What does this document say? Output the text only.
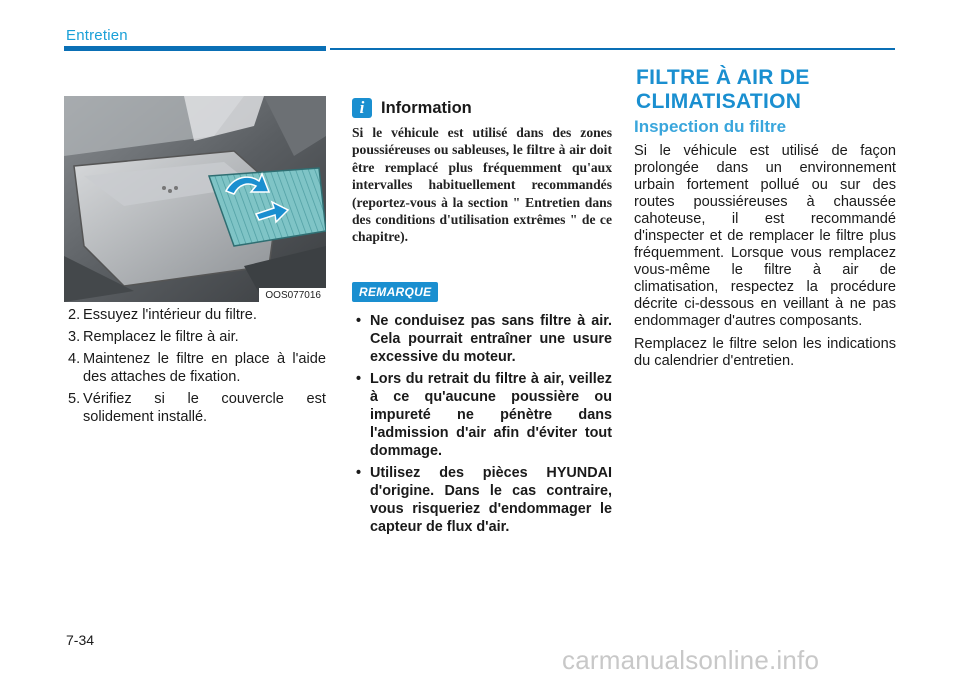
Entretien
OOS077016
2. Essuyez l'intérieur du filtre.
3. Remplacez le filtre à air.
4. Maintenez le filtre en place à l'aide des attaches de fixation.
5. Vérifiez si le couvercle est solidement installé.
i	Information

Si le véhicule est utilisé dans des zones poussiéreuses ou sableuses, le filtre à air doit être remplacé plus fréquemment qu'aux intervalles habituellement recommandés (reportez-vous à la section " Entretien dans des conditions d'utilisation extrêmes " de ce chapitre).

REMARQUE
• Ne conduisez pas sans filtre à air. Cela pourrait entraîner une usure excessive du moteur.
• Lors du retrait du filtre à air, veillez à ce qu'aucune poussière ou impureté ne pénètre dans l'admission d'air afin d'éviter tout dommage.
• Utilisez des pièces HYUNDAI d'origine. Dans le cas contraire, vous risqueriez d'endommager le capteur de flux d'air.
FILTRE À AIR DE
CLIMATISATION
Inspection du filtre

Si le véhicule est utilisé de façon prolongée dans un environnement urbain fortement pollué ou sur des routes poussiéreuses à chaussée cahoteuse, il est recommandé d'inspecter et de remplacer le filtre plus fréquemment. Lorsque vous remplacez vous-même le filtre à air de climatisation, respectez la procédure décrite ci-dessous en veillant à ne pas endommager d'autres composants.

Remplacez le filtre selon les indications du calendrier d'entretien.

7-34
carmanualsonline.info
